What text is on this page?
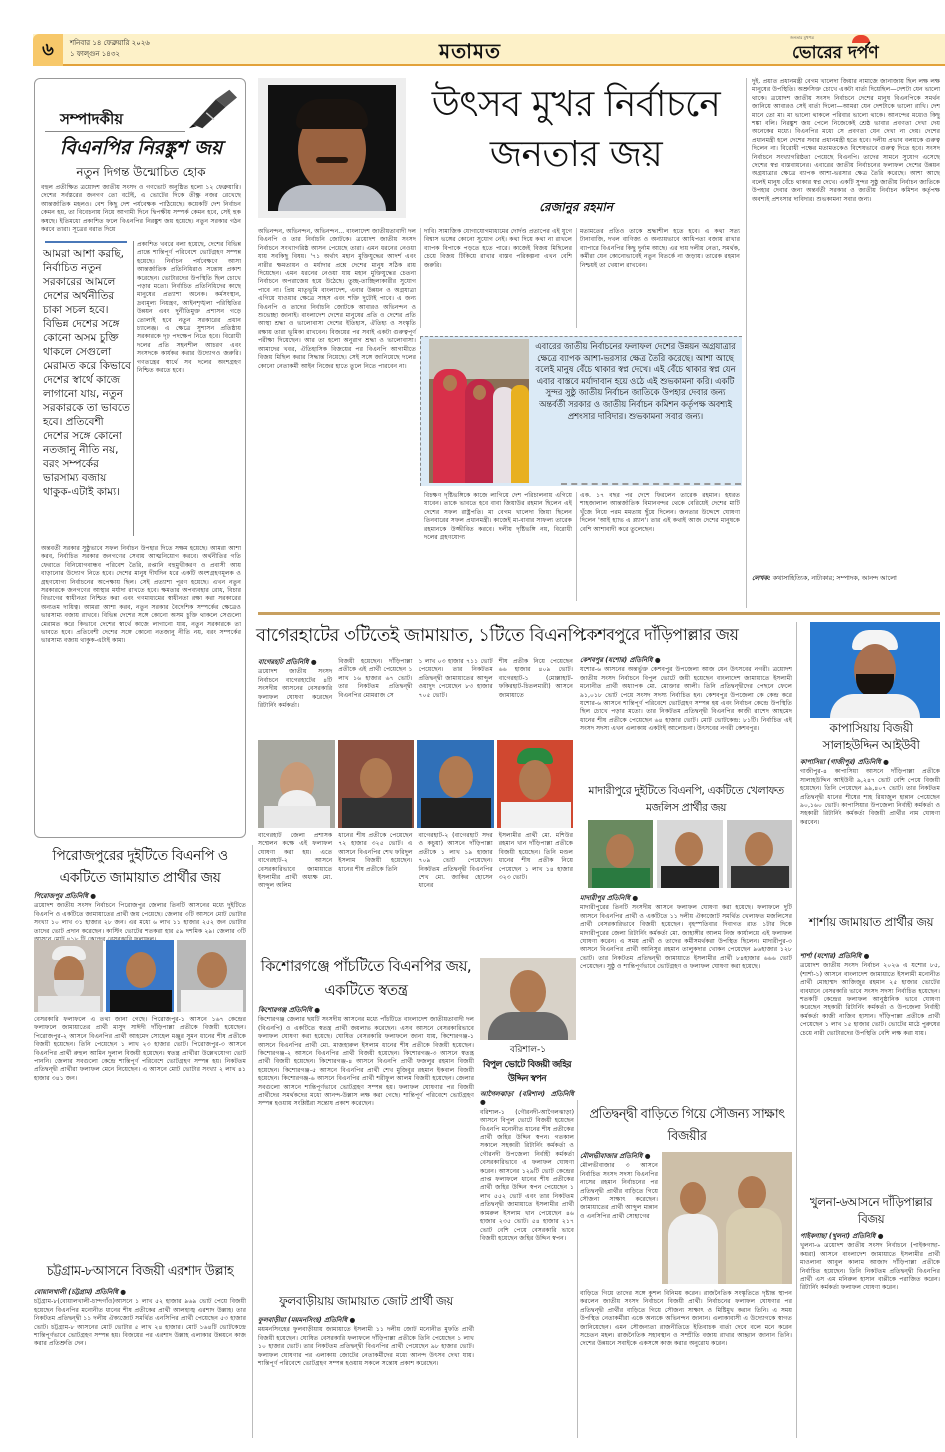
৬	শনিবার ১৪ ফেব্রুয়ারি ২০২৬
১ ফাল্গুন ১৪৩২	মতামত
জনতার মুখপত্র
ভোরের দর্পণ
সম্পাদকীয়
বিএনপির নিরঙ্কুশ জয়
নতুন দিগন্ত উন্মোচিত হোক
বহুল প্রতীক্ষিত ত্রয়োদশ জাতীয় সংসদ ও গণভোট অনুষ্ঠিত হলো ১২ ফেব্রুয়ারি। দেশের সর্বস্তরের জনগণ তো বটেই, এ ভোটের দিকে তীক্ষ্ণ নজর রেখেছে আন্তর্জাতিক মহলও। বেশ কিছু দেশ পর্যবেক্ষক পাঠিয়েছে। কয়েকটি দেশ নির্বাচন কেমন হয়, তা বিবেচনায় নিয়ে আগামী দিনে দ্বিপক্ষীয় সম্পর্ক কেমন হবে, সেই হুক কষছে। ইতিমধ্যে প্রকাশিত ফলে বিএনপির নিরঙ্কুশ জয় হয়েছে। নতুন সরকার গঠন করবে তারা। সূত্রের বরাত দিয়ে
আমরা আশা করছি, নির্বাচিত নতুন সরকারের আমলে দেশের অর্থনীতির চাকা সচল হবে। বিভিন্ন দেশের সঙ্গে কোনো অসম চুক্তি থাকলে সেগুলো মেরামত করে কিভাবে দেশের স্বার্থে কাজে লাগানো যায়, নতুন সরকারকে তা ভাবতে হবে। প্রতিবেশী দেশের সঙ্গে কোনো নতজানু নীতি নয়, বরং সম্পর্কের ভারসাম্য বজায় থাকুক-এটাই কাম্য।
প্রকাশিত খবরে বলা হয়েছে, দেশের বিভিন্ন প্রান্তে শান্তিপূর্ণ পরিবেশে ভোটগ্রহণ সম্পন্ন হয়েছে। নির্বাচন পর্যবেক্ষণে আসা আন্তর্জাতিক প্রতিনিধিরাও সন্তোষ প্রকাশ করেছেন। ভোটারদের উপস্থিতি ছিল চোখে পড়ার মতো। নির্বাচিত প্রতিনিধিদের কাছে মানুষের প্রত্যাশা অনেক। কর্মসংস্থান, দ্রব্যমূল্য নিয়ন্ত্রণ, আইনশৃঙ্খলা পরিস্থিতির উন্নয়ন এবং দুর্নীতিমুক্ত প্রশাসন গড়ে তোলাই হবে নতুন সরকারের প্রধান চ্যালেঞ্জ। এ ক্ষেত্রে সুশাসন প্রতিষ্ঠায় সরকারকে দৃঢ় পদক্ষেপ নিতে হবে। বিরোধী দলের প্রতি সহনশীল আচরণ এবং সংসদকে কার্যকর করার উদ্যোগও জরুরি। গণতন্ত্রের স্বার্থে সব দলের অংশগ্রহণ নিশ্চিত করতে হবে।
অন্তবর্তী সরকার সুষ্ঠুভাবে সফল নির্বাচন উপহার দিতে সক্ষম হয়েছে। আমরা আশা করব, নির্বাচিত সরকার জনগণের সেবায় আত্মনিয়োগ করবে। অর্থনীতির গতি ফেরাতে বিনিয়োগবান্ধব পরিবেশ তৈরি, রপ্তানি বহুমুখীকরণ ও প্রবাসী আয় বাড়ানোর উদ্যোগ নিতে হবে। দেশের মানুষ দীর্ঘদিন ধরে একটি অংশগ্রহণমূলক ও গ্রহণযোগ্য নির্বাচনের অপেক্ষায় ছিল। সেই প্রত্যাশা পূরণ হয়েছে। এখন নতুন সরকারকে জনগণের আস্থার মর্যাদা রাখতে হবে। ক্ষমতার অপব্যবহার রোধ, বিচার বিভাগের স্বাধীনতা নিশ্চিত করা এবং গণমাধ্যমের স্বাধীনতা রক্ষা করা সরকারের অন্যতম দায়িত্ব। আমরা আশা করব, নতুন সরকার বৈদেশিক সম্পর্কের ক্ষেত্রেও ভারসাম্য বজায় রাখবে। বিভিন্ন দেশের সঙ্গে কোনো অসম চুক্তি থাকলে সেগুলো মেরামত করে কিভাবে দেশের স্বার্থে কাজে লাগানো যায়, নতুন সরকারকে তা ভাবতে হবে। প্রতিবেশী দেশের সঙ্গে কোনো নতজানু নীতি নয়, বরং সম্পর্কের ভারসাম্য বজায় থাকুক-এটাই কাম্য।
উৎসব মুখর নির্বাচনে
জনতার জয়
রেজানুর রহমান
অভিনন্দন, অভিনন্দন, অভিনন্দন... বাংলাদেশ জাতীয়তাবাদী দল বিএনপি ও তার নির্বাচনি জোটকে। ত্রয়োদশ জাতীয় সংসদ নির্বাচনে সংখ্যাগরিষ্ঠ আসন পেয়েছে তারা। এমন ধরনের নেওয়া যায় সবকিছু বিষয়। '৭১ অর্থাৎ মহান মুক্তিযুদ্ধের আদর্শ এবং নারীর ক্ষমতায়ন ও মর্যাদার প্রশ্নে দেশের মানুষ সঠিক রায় দিয়েছেন। এমন ধরনের নেওয়া যায় মহান মুক্তিযুদ্ধের চেতনা নির্বাচনে অপরাজেয় হয়ে উঠেছে। তুচ্ছ-তাচ্ছিল্যকারীর সুযোগ পাবে না। প্রিয় মাতৃভূমি বাংলাদেশ, এবার উন্নয়ন ও অগ্রযাত্রা এগিয়ে যাওয়ার ক্ষেত্রে সাহস এবং শক্তি দুটোই পাবে। এ জন্য বিএনপি ও তাদের নির্বাচনি জোটকে আবারও অভিনন্দন ও শুভেচ্ছা জানাই। বাংলাদেশ দেশের মানুষের প্রতি ও দেশের প্রতি আস্থা শ্রদ্ধা ও ভালোবাসা দেশের ইতিহাস, ঐতিহ্য ও সংস্কৃতি রক্ষায় তারা ভূমিকা রাখবেন। বিজয়ের পর সবাই একটা গুরুত্বপূর্ণ পরীক্ষা দিয়েছেন। আর তা হলো অনুরাগ শ্রদ্ধা ও ভালোবাসা। আমাদের খবর, ঐতিহাসিক বিজয়ের পর বিএনপি আগামীতে বিজয় মিছিল করার সিদ্ধান্ত নিয়েছে। সেই সঙ্গে জানিয়েছে দলের কোনো নেতাকর্মী আইন নিজের হাতে তুলে নিতে পারবেন না।
দাবি। সামাজিক যোগাযোগমাধ্যমের দোর্দণ্ড প্রতাপের এই যুগে বিশ্বাস ভঙ্গের কোনো সুযোগ নেই। কথা দিয়ে কথা না রাখলে ব্যাপক বিপাকে পড়তে হতে পারে। কাজেই বিজয় মিছিলের চেয়ে বিজয় টিকিয়ে রাখার বাস্তব পরিকল্পনা এখন বেশি জরুরি।
মতামতের প্রতিও তাকে শ্রদ্ধাশীল হতে হবে। এ কথা সত্য টানাবাজি, দখল বাণিজ্য ও অন্যায়ভাবে আধিপত্য বজায় রাখার ব্যাপারে বিএনপির কিছু দুর্নাম আছে। এর দায় দলীয় নেতা, সমর্থক, কর্মীরা যেন কোনোভাবেই নতুন বিতর্কে না জড়ায়। তারেক রহমান নিশ্চয়ই তা খেয়াল রাখবেন।
এবারের জাতীয় নির্বাচনের ফলাফল দেশের উন্নয়ন অগ্রযাত্রার ক্ষেত্রে ব্যাপক আশা-ভরসার ক্ষেত্র তৈরি করেছে। আশা আছে বলেই মানুষ বেঁচে থাকার স্বপ্ন দেখে। এই বেঁচে থাকার স্বপ্ন যেন এবার বাস্তবে মর্যাদাবান হয়ে ওঠে এই শুভকামনা করি। একটি সুন্দর সুষ্ঠু জাতীয় নির্বাচন জাতিকে উপহার দেবার জন্য অন্তর্বর্তী সরকার ও জাতীয় নির্বাচন কমিশন কর্তৃপক্ষ অবশ্যই প্রশংসার দাবিদার। শুভকামনা সবার জন্য।
বিচক্ষণ দৃষ্টিভঙ্গিকে কাজে লাগিয়ে দেশ পরিচালনায় এগিয়ে যাবেন। তাকে ভাবতে হবে বাবা জিয়াউর রহমান ছিলেন এই দেশের সফল রাষ্ট্রপতি। মা বেগম খালেদা জিয়া ছিলেন তিনবারের সফল প্রধানমন্ত্রী। কাজেই মা-বাবার সাফল্য তারেক রহমানকে উজ্জীবিত করবে। দলীয় দৃষ্টিভঙ্গি নয়, বিরোধী দলের গ্রহণযোগ্য
এক. ১৭ বছর পর দেশে ফিরলেন তারেক রহমান। হযরত শাহজালাল আন্তর্জাতিক বিমানবন্দর থেকে বেরিয়েই দেশের মাটি খুঁজে নিয়ে পরম মমতায় ছুঁয়ে দিলেন। জনতার উদ্দেশে ঘোষণা দিলেন 'আই হ্যাভ এ প্ল্যান'। তার এই কথাই আজ দেশের মানুষকে বেশি আশাবাদী করে তুলেছেন।
দুই. প্রয়াত প্রধানমন্ত্রী বেগম খালেদা জিয়ার নামাজে জানাজায় ছিল লক্ষ লক্ষ মানুষের উপস্থিতি। অশ্রুসিক্ত চোখে একটা বার্তা দিয়েছিল—দেশটা যেন ভালো থাকে। ত্রয়োদশ জাতীয় সংসদ নির্বাচনে দেশের মানুষ বিএনপিকে সমর্থন জানিয়ে আবারও সেই বার্তা দিলো—আমরা যেন দেশটাকে ভালো রাখি। দেশ মানে তো মা। মা ভালো থাকলে পরিবার ভালো থাকে। আনন্দের মধ্যেও কিছু শঙ্কা বলি। নিরঙ্কুশ জয় পেলে নিজেকেই শ্রেষ্ঠ ভাবার প্রবণতা দেখা দেয় অনেকের মধ্যে। বিএনপির মধ্যে সে প্রবণতা যেন দেখা না দেয়। দেশের প্রধানমন্ত্রী হলে দেশের সবার প্রধানমন্ত্রী হতে হবে। দলীয় প্রভাব বলয়কে গুরুত্ব দিলেন না। বিরোধী পক্ষের মতামতকেও বিশেষভাবে গুরুত্ব দিতে হবে। সংসদ নির্বাচনে সংখ্যাগরিষ্ঠতা পেয়েছে বিএনপি। তাদের সামনে সুযোগ এসেছে দেশের স্বপ্ন বাস্তবায়নের। এবারের জাতীয় নির্বাচনের ফলাফল দেশের উন্নয়ন অগ্রযাত্রার ক্ষেত্রে ব্যাপক আশা-ভরসার ক্ষেত্র তৈরি করেছে। আশা আছে বলেই মানুষ বেঁচে থাকার স্বপ্ন দেখে। একটি সুন্দর সুষ্ঠু জাতীয় নির্বাচন জাতিকে উপহার দেবার জন্য অন্তর্বর্তী সরকার ও জাতীয় নির্বাচন কমিশন কর্তৃপক্ষ অবশ্যই প্রশংসার দাবিদার। শুভকামনা সবার জন্য।
লেখক: কথাসাহিত্যিক, নাট্যকার; সম্পাদক, আনন্দ আলো
বাগেরহাটের ৩টিতেই জামায়াত, ১টিতে বিএনপি
বাগেরহাট প্রতিনিধি ●
ত্রয়োদশ জাতীয় সংসদ নির্বাচনে বাগেরহাটের ৪টি সংসদীয় আসনের বেসরকারি ফলাফল ঘোষণা করেছেন রিটার্নিং কর্মকর্তা।
বিজয়ী হয়েছেন। দাঁড়িপাল্লা প্রতীকে এই প্রার্থী পেয়েছেন ১ লাখ ১৬ হাজার ৬৭ ভোট। তার নিকটতম প্রতিদ্বন্দ্বী বিএনপির মোমরাজ সে
১ লাখ ০৩ হাজার ৭১১ ভোট পেয়েছেন। তার নিকটতম প্রতিদ্বন্দ্বী জামায়াতের আব্দুল ওয়াদুদ পেয়েছেন ৮৩ হাজার ৭০৫ ভোট।
শীষ প্রতীক নিয়ে পেয়েছেন ৬৬ হাজার ৪০৯ ভোট। বাগেরহাট-১ (মোল্লাহাট-ফকিরহাট-চিতলমারী) আসনে জামায়াতে
বাগেরহাট জেলা প্রশাসক সম্মেলন কক্ষে এই ফলাফল ঘোষণা করা হয়। এতে বাগেরহাট-২ আসনে বেসরকারিভাবে জামায়াতে ইসলামীর প্রার্থী অধ্যক্ষ মো. আব্দুল অলিম
ধানের শীষ প্রতীকে পেয়েছেন ৭২ হাজার ৩২৫ ভোট। এ আসনে বিএনপির শেখ ফরিদুল ইসলাম বিজয়ী হয়েছেন। ধানের শীষ প্রতীকে তিনি
বাগেরহাট-২ (বাগেরহাট সদর ও কচুয়া) আসনে দাঁড়িপাল্লা প্রতীকে ১ লাখ ১৯ হাজার ৭০৯ ভোট পেয়েছেন। নিকটতম প্রতিদ্বন্দ্বী বিএনপির শেখ মো. জাকির হোসেন ধানের
ইসলামীর প্রার্থী মো. মশিউর রহমান খান দাঁড়িপাল্লা প্রতীকে বিজয়ী হয়েছেন। তিনি মণ্ডল ধানের শীষ প্রতীক নিয়ে পেয়েছেন ১ লাখ ১৪ হাজার ৩২৩ ভোট।
কেশবপুরে দাঁড়িপাল্লার জয়
কেশবপুর (যশোর) প্রতিনিধি ●
যশোর-৬ আসনের অন্তর্ভুক্ত কেশবপুর উপজেলা আজ যেন উৎসবের নগরী। ত্রয়োদশ জাতীয় সংসদ নির্বাচনে বিপুল ভোটে জয়ী হয়েছেন বাংলাদেশ জামায়াতে ইসলামী মনোনীত প্রার্থী অধ্যাপক মো. মোক্তার আলী। তিনি প্রতিদ্বন্দ্বীদের পেছনে ফেলে ৯১,০১৮ ভোট পেয়ে সংসদ সদস্য নির্বাচিত হন। কেশবপুর উপজেলা কে কেন্দ্র করে যশোর-৬ আসনে শান্তিপূর্ণ পরিবেশে ভোটগ্রহণ সম্পন্ন হয় এবং নির্বাচন কেন্দ্রে উপস্থিতি ছিল চোখে পড়ার মতো। তার নিকটতম প্রতিদ্বন্দ্বী বিএনপির কাজী রাশেদ আহমেদ ধানের শীষ প্রতীকে পেয়েছেন ৬৪ হাজার ভোট। মোট ভোটকেন্দ্র: ৮১টি। নির্বাচিত এই সংসদ সদস্য এখন এলাকায় একটাই আলোচনা। উৎসবের নগরী কেশবপুর।	কাপাসিয়ায় বিজয়ী সালাহউদ্দিন আইউবী
কাপাসিয়া (গাজীপুর) প্রতিনিধি ●
গাজীপুর-৪ কাপাসিয়া আসনে দাঁড়িপাল্লা প্রতীকে সালাহউদ্দিন আইউবী ৯,২৪৭ ভোট বেশি পেয়ে বিজয়ী হয়েছেন। তিনি পেয়েছেন ৯৯,৪০৭ ভোট। তার নিকটতম প্রতিদ্বন্দ্বী ধানের শীষের শাহ রিয়াজুল হান্নান পেয়েছেন ৯০,১৬০ ভোট। কাপাসিয়ার উপজেলা নির্বাহী কর্মকর্তা ও সহকারী রিটার্নিং কর্মকর্তা বিজয়ী প্রার্থীর নাম ঘোষণা করবেন।
মাদারীপুরে দুইটিতে বিএনপি, একটিতে খেলাফত মজলিস প্রার্থীর জয়
মাদারীপুর প্রতিনিধি ●
মাদারীপুরের তিনটি সংসদীয় আসনে ফলাফল ঘোষণা করা হয়েছে। ফলাফলে দুটি আসনে বিএনপির প্রার্থী ও একটিতে ১১ দলীয় ঐক্যজোট সমর্থিত খেলাফত মজলিসের প্রার্থী বেসরকারিভাবে বিজয়ী হয়েছেন। বৃহস্পতিবার দিবাগত রাত ১টার দিকে মাদারীপুরের জেলা রিটার্নিং কর্মকর্তা মো. জাহাঙ্গীর আলম নিজ কার্যালয়ে এই ফলাফল ঘোষণা করেন। এ সময় প্রার্থী ও তাদের কর্মীসমর্থকরা উপস্থিত ছিলেন। মাদারীপুর-৩ আসনে বিএনপির প্রার্থী আনিসুর রহমান তালুকদার খোকন পেয়েছেন ৯৬হাজার ১২৮ ভোট। তার নিকটতম প্রতিদ্বন্দ্বী জামায়াতে ইসলামীর প্রার্থী ৮৪হাজার ৬৬৬ ভোট পেয়েছেন। সুষ্ঠু ও শান্তিপূর্ণভাবে ভোটগ্রহণ ও ফলাফল ঘোষণা করা হয়েছে।
শার্শায় জামায়াত প্রার্থীর জয়
শার্শা (যশোর) প্রতিনিধি ●
ত্রয়োদশ জাতীয় সংসদ নির্বাচন ২০২৬ এ যশোর ৮৫, (শার্শা-১) আসনে বাংলাদেশ জামায়াতে ইসলামী মনোনীত প্রার্থী মোহাম্মদ আজিজুর রহমান ২৫ হাজার ভোটের ব্যবধানে বেসরকারি ভাবে সংসদ সদস্য নির্বাচিত হয়েছেন। শতকটি কেন্দ্রের ফলাফল আনুষ্ঠানিক ভাবে ঘোষণা করেছেন সহকারী রিটার্নিং কর্মকর্তা ও উপজেলা নির্বাহী কর্মকর্তা কাজী নাজিব হাসান। দাঁড়িপাল্লা প্রতীকে প্রার্থী পেয়েছেন ১ লাখ ১৫ হাজার ভোট। ভোটের মাঠে পুরুষের চেয়ে নারী ভোটারদের উপস্থিতি বেশি লক্ষ করা যায়।
খুলনা-৬আসনে দাঁড়িপাল্লার বিজয়
পাইকগাছা (খুলনা) প্রতিনিধি ●
খুলনা-৬ ত্রয়োদশ জাতীয় সংসদ নির্বাচনে (পাইকগাছা-কয়রা) আসনে বাংলাদেশ জামায়াতে ইসলামীর প্রার্থী মাওলানা আবুল কালাম আজাদ দাঁড়িপাল্লা প্রতীকে নির্বাচিত হয়েছেন। তিনি নিকটতম প্রতিদ্বন্দ্বী বিএনপির প্রার্থী এস এম মনিরুল হাসান বাপ্পীকে পরাজিত করেন। রিটার্নিং কর্মকর্তা ফলাফল ঘোষণা করেন।
পিরোজপুরের দুইটিতে বিএনপি ও একটিতে জামায়াত প্রার্থীর জয়
পিরোজপুর প্রতিনিধি ●
ত্রয়োদশ জাতীয় সংসদ নির্বাচনে পিরোজপুর জেলার তিনটি আসনের মধ্যে দুইটিতে বিএনপি ও একটিতে জামায়াতের প্রার্থী জয় পেয়েছে। জেলার ৩টি আসনে মোট ভোটার সংখ্যা ১০ লাখ ৩১ হাজার ২৮ জন। এর মধ্যে ৬ লাখ ১১ হাজার ২৫২ জন ভোটার তাদের ভোট প্রদান করেছেন। কাস্টিং ভোটের শতকরা হার ৫৯ দশমিক ২৯। জেলার ৩টি
বেসরকারি ফলাফলে এ তথ্য জানা গেছে। পিরোজপুর-১ আসনে ১৬৭ কেন্দ্রের ফলাফলে জামায়াতের প্রার্থী মাসুদ সাঈদী দাঁড়িপাল্লা প্রতীকে বিজয়ী হয়েছেন। পিরোজপুর-২ আসনে বিএনপির প্রার্থী আহমেদ সোহেল মঞ্জুর সুমন ধানের শীষ প্রতীকে বিজয়ী হয়েছেন। তিনি পেয়েছেন ১ লাখ ২৩ হাজার ভোট। পিরোজপুর-৩ আসনে বিএনপির প্রার্থী রুহুল আমিন দুলাল বিজয়ী হয়েছেন। স্বতন্ত্র প্রার্থীরা উল্লেখযোগ্য ভোট পাননি। জেলার সবগুলো কেন্দ্রে শান্তিপূর্ণ পরিবেশে ভোটগ্রহণ সম্পন্ন হয়। নিকটতম প্রতিদ্বন্দ্বী প্রার্থীরা ফলাফল মেনে নিয়েছেন। এ আসনে মোট ভোটার সংখ্যা ২ লাখ ৪১ হাজার ৩৪১ জন।
চট্টগ্রাম-৮আসনে বিজয়ী এরশাদ উল্লাহ
বোয়ালখালী (চট্টগ্রাম) প্রতিনিধি ●
চট্টগ্রাম-৮(বোয়ালখালী-চান্দগাঁও)আসনে ১ লাখ ৫২ হাজার ৯৬৯ ভোট পেয়ে বিজয়ী হয়েছেন বিএনপির মনোনীত ধানের শীষ প্রতীকের প্রার্থী আলহাজ্ব এরশাদ উল্লাহ। তার নিকটতম প্রতিদ্বন্দ্বী ১১ দলীয় ঐক্যজোট সমর্থিত এনসিপির প্রার্থী পেয়েছেন ৫৩ হাজার ভোট। চট্টগ্রাম-৮ আসনের মোট ভোটার ৫ লাখ ২৪ হাজার। মোট ১৬৪টি ভোটকেন্দ্রে শান্তিপূর্ণভাবে ভোটগ্রহণ সম্পন্ন হয়। বিজয়ের পর এরশাদ উল্লাহ এলাকার উন্নয়নে কাজ করার প্রতিশ্রুতি দেন।
কিশোরগঞ্জে পাঁচটিতে বিএনপির জয়, একটিতে স্বতন্ত্র
কিশোরগঞ্জ প্রতিনিধি ●
কিশোরগঞ্জ জেলার ছয়টি সংসদীয় আসনের মধ্যে পাঁচটিতে বাংলাদেশ জাতীয়তাবাদী দল (বিএনপি) ও একটিতে স্বতন্ত্র প্রার্থী জয়লাভ করেছেন। এসব আসনে বেসরকারিভাবে ফলাফল ঘোষণা করা হয়েছে। ঘোষিত বেসরকারি ফলাফলে জানা যায়, কিশোরগঞ্জ-১ আসনে বিএনপির প্রার্থী মো. মাজহারুল ইসলাম ধানের শীষ প্রতীকে বিজয়ী হয়েছেন। কিশোরগঞ্জ-২ আসনে বিএনপির প্রার্থী বিজয়ী হয়েছেন। কিশোরগঞ্জ-৩ আসনে স্বতন্ত্র প্রার্থী বিজয়ী হয়েছেন। কিশোরগঞ্জ-৪ আসনে বিএনপি প্রার্থী ফজলুর রহমান বিজয়ী হয়েছেন। কিশোরগঞ্জ-৫ আসনে বিএনপির প্রার্থী শেখ মুজিবুর রহমান ইকবাল বিজয়ী হয়েছেন। কিশোরগঞ্জ-৬ আসনে বিএনপির প্রার্থী শরীফুল আলম বিজয়ী হয়েছেন। জেলার সবগুলো আসনে শান্তিপূর্ণভাবে ভোটগ্রহণ সম্পন্ন হয়। ফলাফল ঘোষণার পর বিজয়ী প্রার্থীদের সমর্থকদের মধ্যে আনন্দ-উল্লাস লক্ষ করা গেছে। শান্তিপূর্ণ পরিবেশে ভোটগ্রহণ সম্পন্ন হওয়ায় সংশ্লিষ্টরা সন্তোষ প্রকাশ করেছেন।
বরিশাল-১
বিপুল ভোটে বিজয়ী জহির উদ্দিন স্বপন
আগৈলঝাড়া (বরিশাল) প্রতিনিধি ●
বরিশাল-১ (গৌরনদী-আগৈলঝাড়া) আসনে বিপুল ভোটে বিজয়ী হয়েছেন বিএনপি মনোনীত ধানের শীষ প্রতীকের প্রার্থী জহির উদ্দিন স্বপন। গতকাল সকালে সহকারী রিটার্নিং কর্মকর্তা ও গৌরনদী উপজেলা নির্বাহী কর্মকর্তা বেসরকারিভাবে এ ফলাফল ঘোষণা করেন। আসনের ১২৯টি ভোট কেন্দ্রের প্রাপ্ত ফলাফলে ধানের শীষ প্রতীকের প্রার্থী জহির উদ্দিন স্বপন পেয়েছেন ১ লাখ ৫৫২ ভোট এবং তার নিকটতম প্রতিদ্বন্দ্বী জামায়াতে ইসলামীর প্রার্থী কামরুল ইসলাম খান পেয়েছেন ৪৬ হাজার ২৩৫ ভোট। ৫৪ হাজার ২১৭ ভোট বেশি পেয়ে বেসরকারি ভাবে বিজয়ী হয়েছেন জহির উদ্দিন স্বপন।
ফুলবাড়ীয়ায় জামায়াত জোট প্রার্থী জয়
ফুলবাড়ীয়া (ময়মনসিংহ) প্রতিনিধি ●
ময়মনসিংহের ফুলবাড়ীয়ায় জামায়াতে ইসলামী ১১ দলীয় জোট মনোনীত মুফতি প্রার্থী বিজয়ী হয়েছেন। ঘোষিত বেসরকারি ফলাফলে দাঁড়িপাল্লা প্রতীকে তিনি পেয়েছেন ১ লাখ ১০ হাজার ভোট। তার নিকটতম প্রতিদ্বন্দ্বী বিএনপির প্রার্থী পেয়েছেন ৯৮ হাজার ভোট। ফলাফল ঘোষণার পর এলাকায় জোটের নেতাকর্মীদের মধ্যে আনন্দ উৎসব দেখা যায়। শান্তিপূর্ণ পরিবেশে ভোটগ্রহণ সম্পন্ন হওয়ায় সকলে সন্তোষ প্রকাশ করেছেন।
প্রতিদ্বন্দ্বী বাড়িতে গিয়ে সৌজন্য সাক্ষাৎ বিজয়ীর
মৌলভীবাজার প্রতিনিধি ●
মৌলভীবাজার ৩ আসনে নির্বাচিত সংসদ সদস্য বিএনপির নাসের রহমান নির্বাচনের পর প্রতিদ্বন্দ্বী প্রার্থীর বাড়িতে গিয়ে সৌজন্য সাক্ষাৎ করেছেন। জামায়াতের প্রার্থী আব্দুল মান্নান ও এনসিপির প্রার্থী সোহাগের
বাড়িতে গিয়ে তাদের সঙ্গে কুশল বিনিময় করেন। রাজনৈতিক সংস্কৃতিতে দৃষ্টান্ত স্থাপন করলেন জাতীয় সংসদ নির্বাচনে বিজয়ী প্রার্থী। নির্বাচনের ফলাফল ঘোষণার পর প্রতিদ্বন্দ্বী প্রার্থীর বাড়িতে গিয়ে সৌজন্য সাক্ষাৎ ও মিষ্টিমুখ করান তিনি। এ সময় উপস্থিত নেতাকর্মীরা একে অন্যকে অভিনন্দন জানান। এলাকাবাসী এ উদ্যোগকে স্বাগত জানিয়েছেন। এমন সৌজন্যতা রাজনীতিতে ইতিবাচক বার্তা দেবে বলে মনে করেন সচেতন মহল। রাজনৈতিক সহাবস্থান ও সম্প্রীতি বজায় রাখার আহ্বান জানান তিনি। দেশের উন্নয়নে সবাইকে একসঙ্গে কাজ করার অনুরোধ করেন।
